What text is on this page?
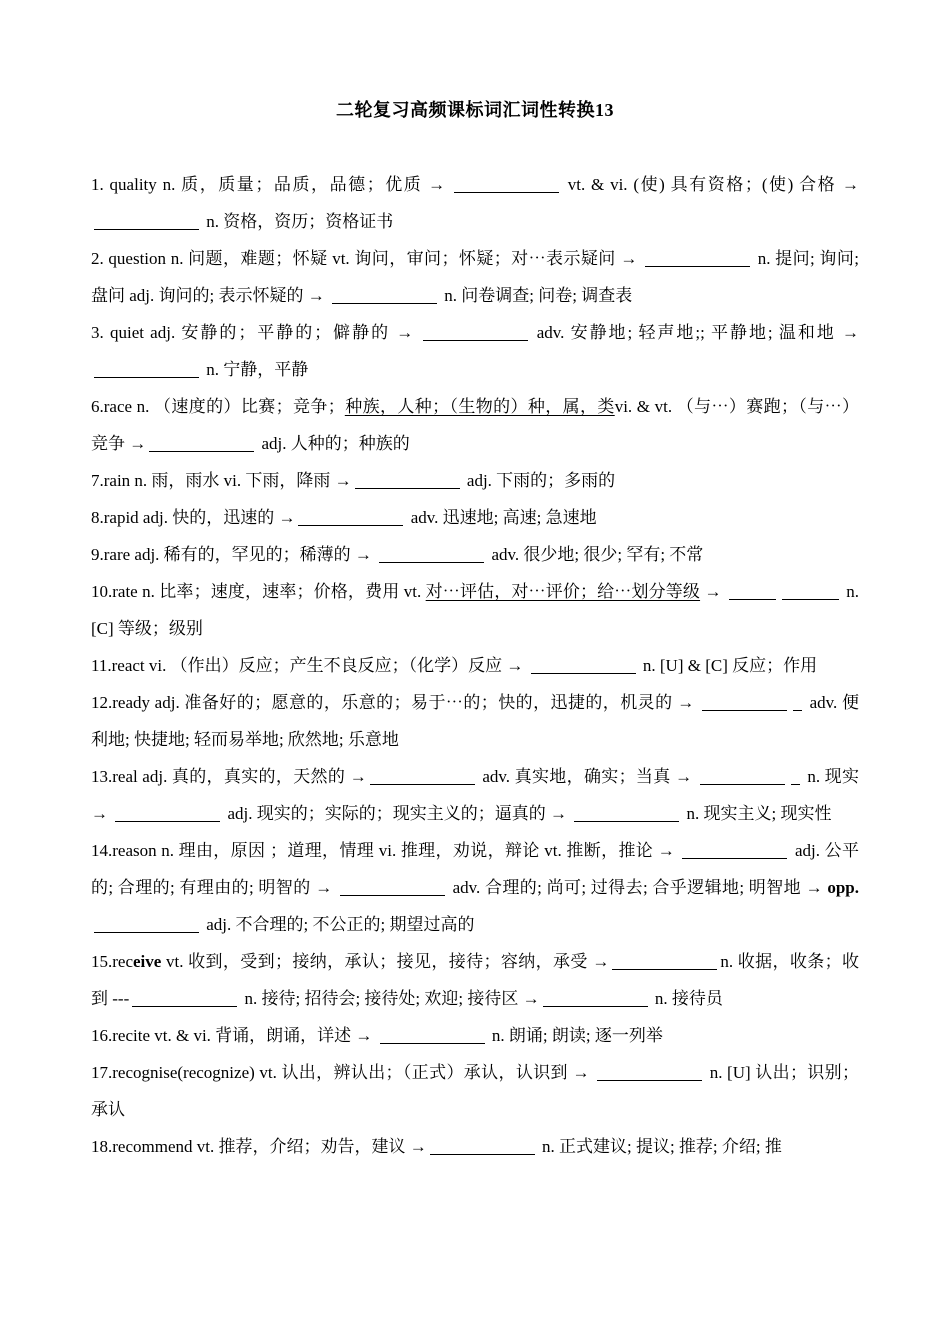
二轮复习高频课标词汇词性转换13

1. quality n. 质，质量；品质，品德；优质 →	vt. & vi. (使) 具有资格；(使) 合格 →  n. 资格，资历；资格证书

2. question n. 问题，难题；怀疑 vt. 询问，审问；怀疑；对⋯表示疑问 →	n. 提问; 询问; 盘问 adj. 询问的; 表示怀疑的 →	n. 问卷调查; 问卷; 调查表

3. quiet adj. 安静的；平静的；僻静的 →	adv. 安静地; 轻声地;; 平静地; 温和地 →  n. 宁静，平静

6.race n. （速度的）比赛；竞争；种族，人种；（生物的）种，属，类vi. & vt. （与⋯）赛跑；（与⋯）竞争 →	adj. 人种的；种族的

7.rain n. 雨，雨水 vi. 下雨，降雨 →	adj. 下雨的；多雨的

8.rapid adj. 快的，迅速的 →	adv. 迅速地; 高速; 急速地

9.rare adj. 稀有的，罕见的；稀薄的 →	adv. 很少地; 很少; 罕有; 不常

10.rate n. 比率；速度，速率；价格，费用 vt. 对⋯评估，对⋯评价；给⋯划分等级 →	n. [C] 等级；级别

11.react vi. （作出）反应；产生不良反应；（化学）反应 →	n. [U] & [C] 反应；作用

12.ready adj. 准备好的；愿意的，乐意的；易于⋯的；快的，迅捷的，机灵的 →	adv. 便利地; 快捷地; 轻而易举地; 欣然地; 乐意地

13.real adj. 真的，真实的，天然的 →	adv. 真实地，确实；当真 →	n. 现实 →	adj. 现实的；实际的；现实主义的；逼真的 →	n. 现实主义; 现实性

14.reason n. 理由，原因 ；道理，情理 vi. 推理，劝说，辩论 vt. 推断，推论 →	adj. 公平的; 合理的; 有理由的; 明智的 →	adv. 合理的; 尚可; 过得去; 合乎逻辑地; 明智地 → opp. adj. 不合理的; 不公正的; 期望过高的

15.receive vt. 收到，受到；接纳，承认；接见，接待；容纳，承受 →	n. 收据，收条；收到 ---	n. 接待; 招待会; 接待处; 欢迎; 接待区 →	n. 接待员

16.recite vt. & vi. 背诵，朗诵，详述 →	n. 朗诵; 朗读; 逐一列举

17.recognise(recognize) vt. 认出，辨认出；（正式）承认，认识到 →	n. [U] 认出；识别；承认

18.recommend vt. 推荐，介绍；劝告，建议 →	n. 正式建议; 提议; 推荐; 介绍; 推
